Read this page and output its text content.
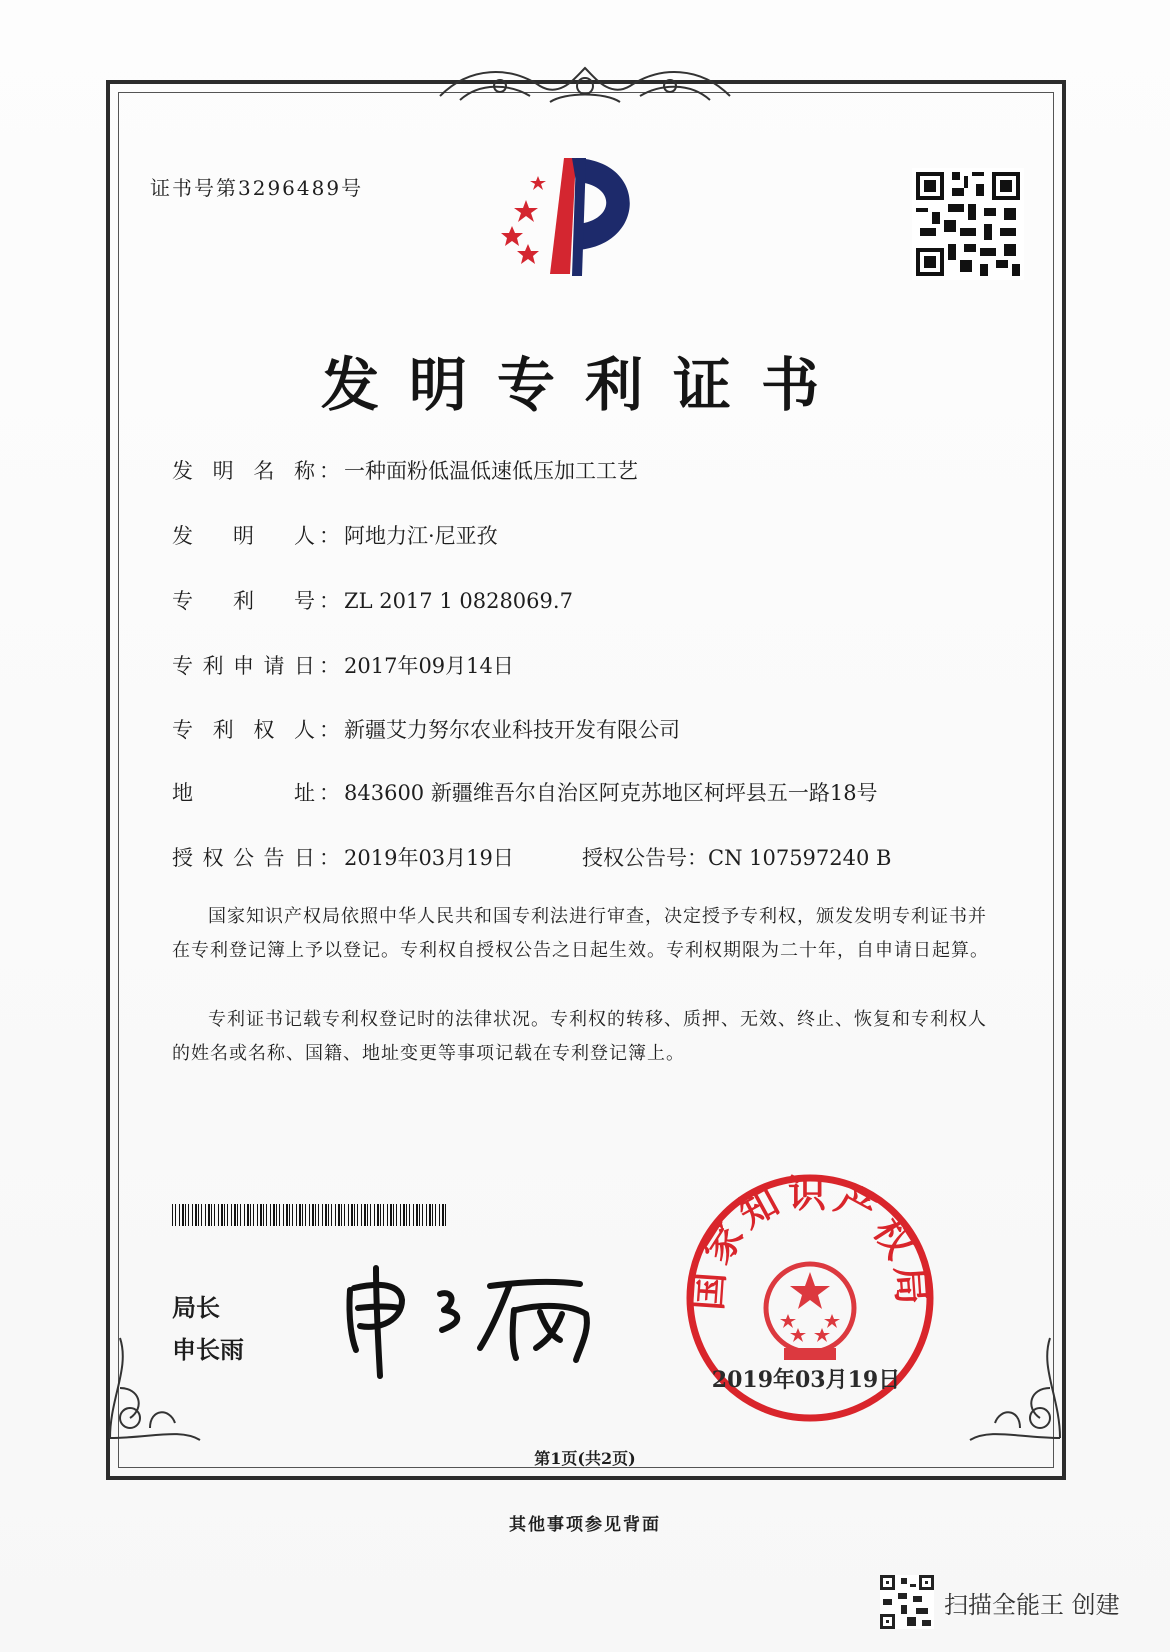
证书号第3296489号
发明专利证书
发明名称 ： 一种面粉低温低速低压加工工艺
发明人 ： 阿地力江·尼亚孜
专利号 ： ZL 2017 1 0828069.7
专利申请日 ： 2017年09月14日
专利权人 ： 新疆艾力努尔农业科技开发有限公司
地址 ： 843600 新疆维吾尔自治区阿克苏地区柯坪县五一路18号
授权公告日 ： 2019年03月19日	授权公告号：CN 107597240 B
国家知识产权局依照中华人民共和国专利法进行审查，决定授予专利权，颁发发明专利证书并在专利登记簿上予以登记。专利权自授权公告之日起生效。专利权期限为二十年，自申请日起算。
专利证书记载专利权登记时的法律状况。专利权的转移、质押、无效、终止、恢复和专利权人的姓名或名称、国籍、地址变更等事项记载在专利登记簿上。
局长
申长雨
国家知识产权局
2019年03月19日
第1页(共2页)
其他事项参见背面
扫描全能王 创建
